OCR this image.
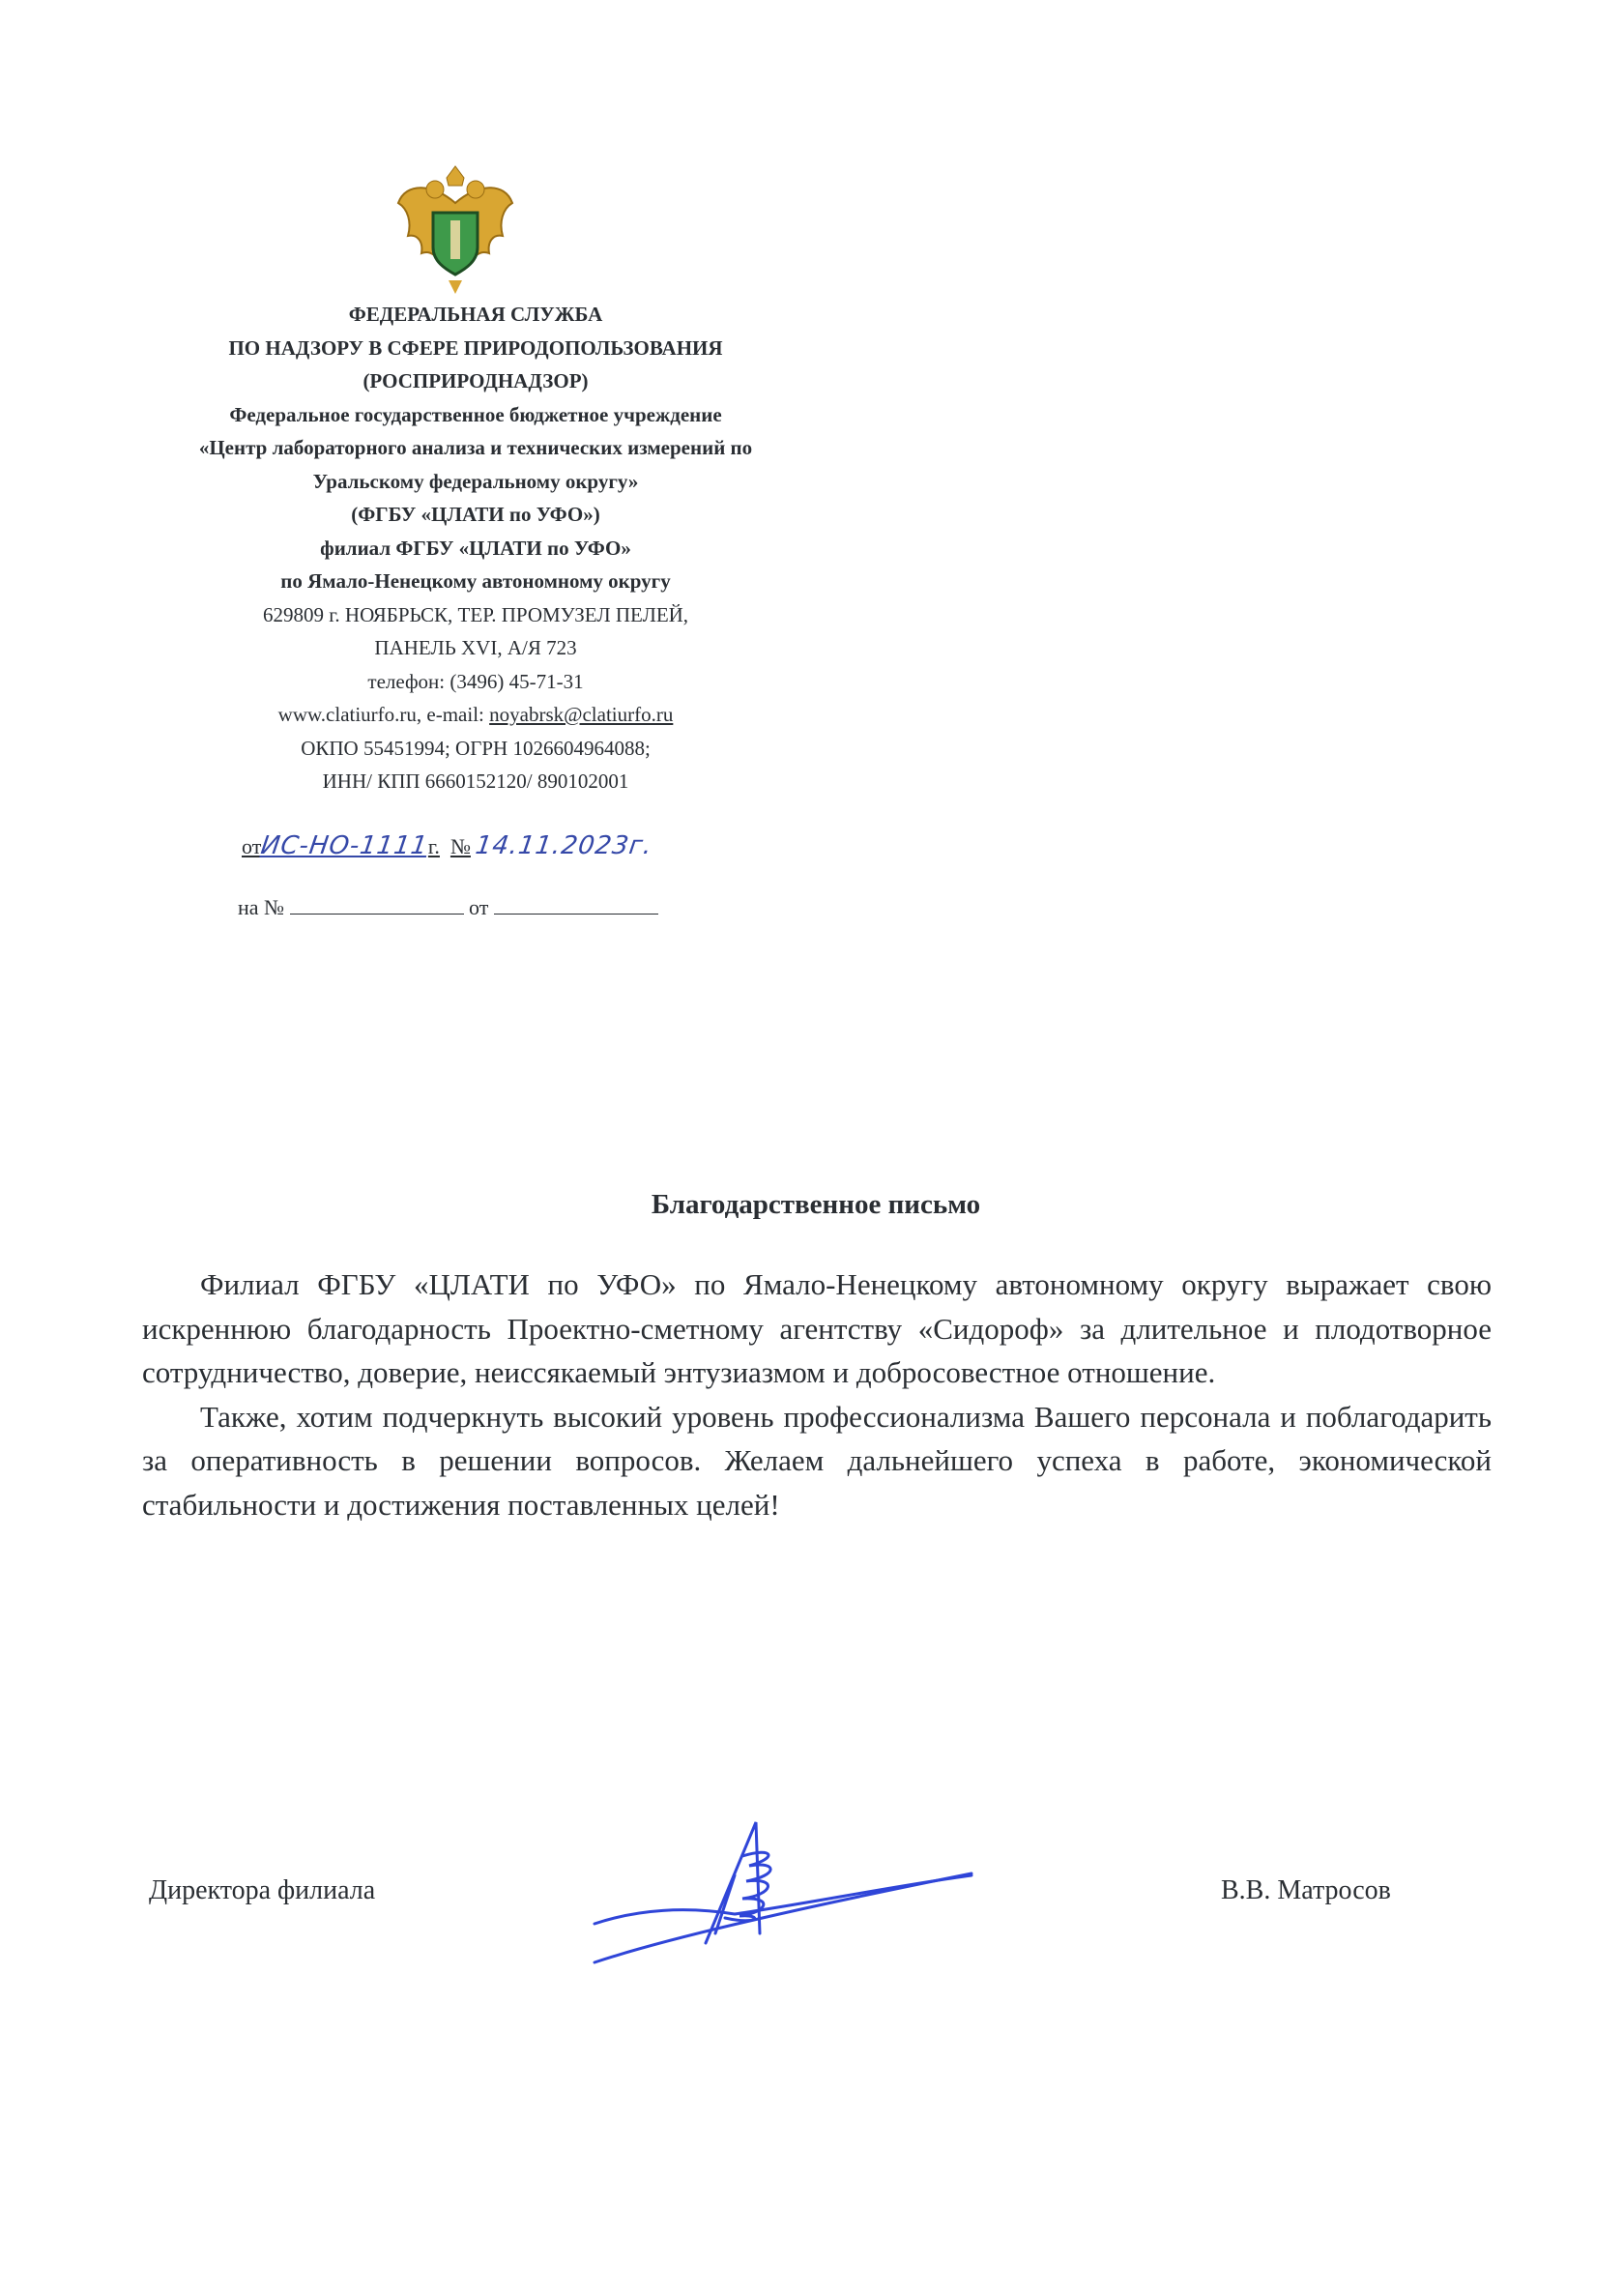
ФЕДЕРАЛЬНАЯ СЛУЖБА
ПО НАДЗОРУ В СФЕРЕ ПРИРОДОПОЛЬЗОВАНИЯ
(РОСПРИРОДНАДЗОР)
Федеральное государственное бюджетное учреждение
«Центр лабораторного анализа и технических измерений по
Уральскому федеральному округу»
(ФГБУ «ЦЛАТИ по УФО»)
филиал ФГБУ «ЦЛАТИ по УФО»
по Ямало-Ненецкому автономному округу
629809 г. НОЯБРЬСК, ТЕР. ПРОМУЗЕЛ ПЕЛЕЙ,
ПАНЕЛЬ XVI, А/Я 723
телефон: (3496) 45-71-31
www.clatiurfo.ru, e-mail: noyabrsk@clatiurfo.ru
ОКПО 55451994; ОГРН 1026604964088;
ИНН/ КПП 6660152120/ 890102001
отИС-НО-1111г. № 14.11.2023г.
на №	от
Благодарственное письмо

Филиал ФГБУ «ЦЛАТИ по УФО» по Ямало-Ненецкому автономному округу выражает свою искреннюю благодарность Проектно-сметному агентству «Сидороф» за длительное и плодотворное сотрудничество, доверие, неиссякаемый энтузиазмом и добросовестное отношение.

Также, хотим подчеркнуть высокий уровень профессионализма Вашего персонала и поблагодарить за оперативность в решении вопросов. Желаем дальнейшего успеха в работе, экономической стабильности и достижения поставленных целей!

Директора филиала	В.В. Матросов
